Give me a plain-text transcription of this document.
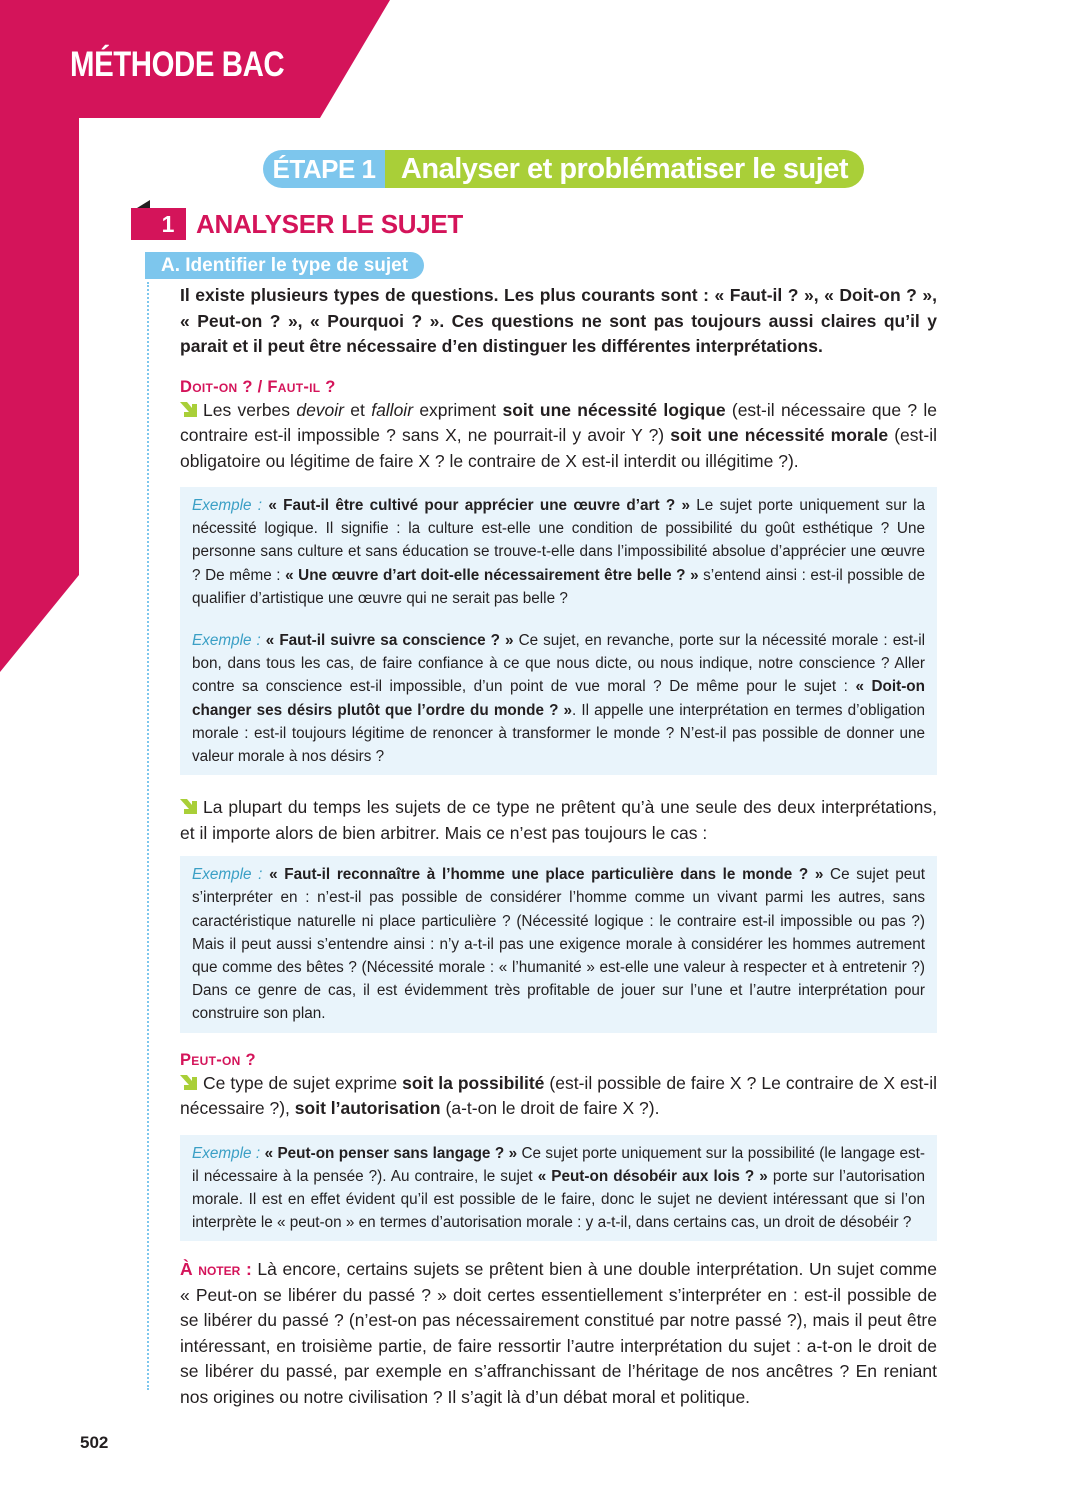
MÉTHODE BAC
ÉTAPE 1 Analyser et problématiser le sujet
1 ANALYSER LE SUJET
A. Identifier le type de sujet

Il existe plusieurs types de questions. Les plus courants sont : « Faut-il ? », « Doit-on ? », « Peut-on ? », « Pourquoi ? ». Ces questions ne sont pas toujours aussi claires qu’il y parait et il peut être nécessaire d’en distinguer les différentes interprétations.

Doit-on ? / Faut-il ?

Les verbes devoir et falloir expriment soit une nécessité logique (est-il nécessaire que ? le contraire est-il impossible ? sans X, ne pourrait-il y avoir Y ?) soit une nécessité morale (est-il obligatoire ou légitime de faire X ? le contraire de X est-il interdit ou illégitime ?).

Exemple : « Faut-il être cultivé pour apprécier une œuvre d’art ? » Le sujet porte uniquement sur la nécessité logique. Il signifie : la culture est-elle une condition de possibilité du goût esthétique ? Une personne sans culture et sans éducation se trouve-t-elle dans l’impossibilité absolue d’apprécier une œuvre ? De même : « Une œuvre d’art doit-elle nécessairement être belle ? » s’entend ainsi : est-il possible de qualifier d’artistique une œuvre qui ne serait pas belle ?
Exemple : « Faut-il suivre sa conscience ? » Ce sujet, en revanche, porte sur la nécessité morale : est-il bon, dans tous les cas, de faire confiance à ce que nous dicte, ou nous indique, notre conscience ? Aller contre sa conscience est-il impossible, d’un point de vue moral ? De même pour le sujet : « Doit-on changer ses désirs plutôt que l’ordre du monde ? ». Il appelle une interprétation en termes d’obligation morale : est-il toujours légitime de renoncer à transformer le monde ? N’est-il pas possible de donner une valeur morale à nos désirs ?

La plupart du temps les sujets de ce type ne prêtent qu’à une seule des deux interprétations, et il importe alors de bien arbitrer. Mais ce n’est pas toujours le cas :

Exemple : « Faut-il reconnaître à l’homme une place particulière dans le monde ? » Ce sujet peut s’interpréter en : n’est-il pas possible de considérer l’homme comme un vivant parmi les autres, sans caractéristique naturelle ni place particulière ? (Nécessité logique : le contraire est-il impossible ou pas ?) Mais il peut aussi s’entendre ainsi : n’y a-t-il pas une exigence morale à considérer les hommes autrement que comme des bêtes ? (Nécessité morale : « l’humanité » est-elle une valeur à respecter et à entretenir ?) Dans ce genre de cas, il est évidemment très profitable de jouer sur l’une et l’autre interprétation pour construire son plan.

Peut-on ?

Ce type de sujet exprime soit la possibilité (est-il possible de faire X ? Le contraire de X est-il nécessaire ?), soit l’autorisation (a-t-on le droit de faire X ?).

Exemple : « Peut-on penser sans langage ? » Ce sujet porte uniquement sur la possibilité (le langage est-il nécessaire à la pensée ?). Au contraire, le sujet « Peut-on désobéir aux lois ? » porte sur l’autorisation morale. Il est en effet évident qu’il est possible de le faire, donc le sujet ne devient intéressant que si l’on interprète le « peut-on » en termes d’autorisation morale : y a-t-il, dans certains cas, un droit de désobéir ?

À noter : Là encore, certains sujets se prêtent bien à une double interprétation. Un sujet comme « Peut-on se libérer du passé ? » doit certes essentiellement s’interpréter en : est-il possible de se libérer du passé ? (n’est-on pas nécessairement constitué par notre passé ?), mais il peut être intéressant, en troisième partie, de faire ressortir l’autre interprétation du sujet : a-t-on le droit de se libérer du passé, par exemple en s’affranchissant de l’héritage de nos ancêtres ? En reniant nos origines ou notre civilisation ? Il s’agit là d’un débat moral et politique.

502
